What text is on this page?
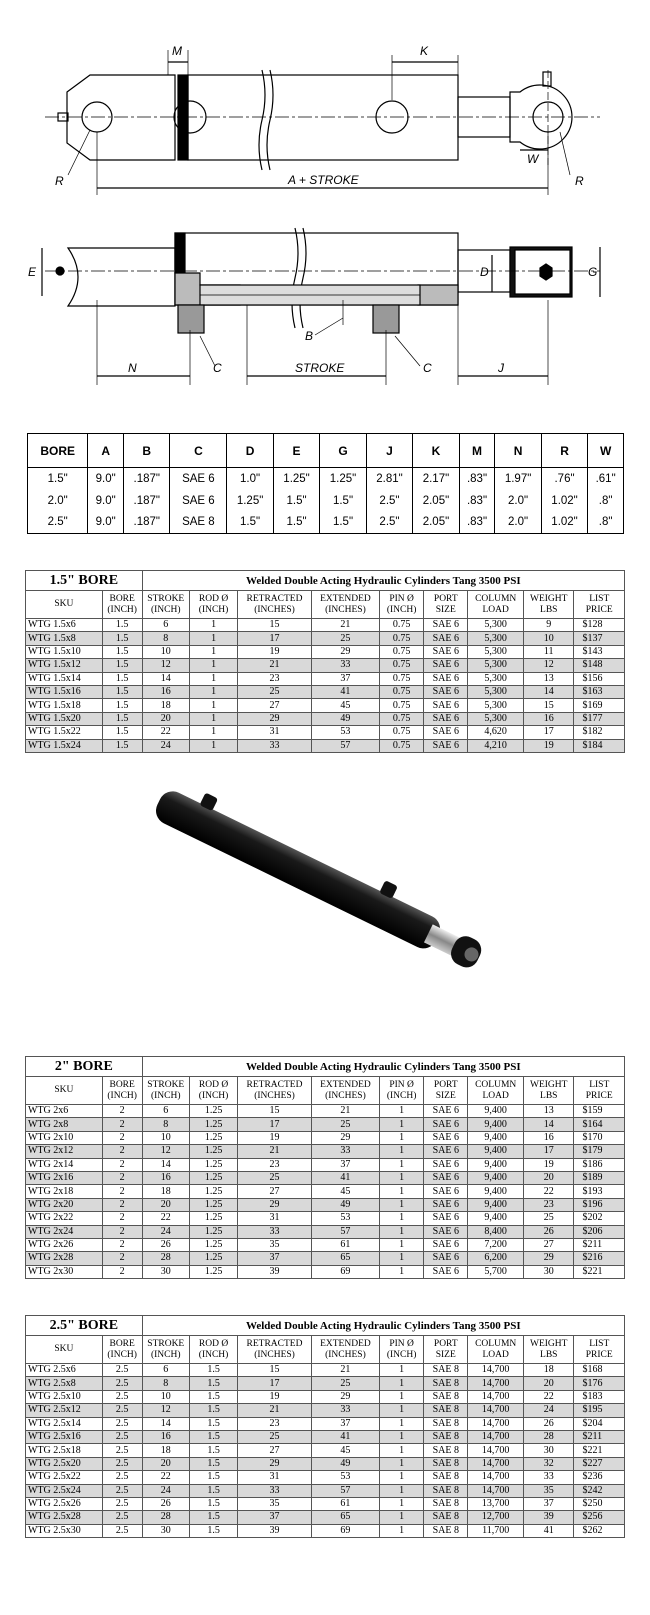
M	K
R	R
W
A + STROKE
E	D	G
B
N	C	STROKE	C	J
BORE	A	B	C	D	E	G	J	K	M	N	R	W
1.5"	9.0"	.187"	SAE 6	1.0"	1.25"	1.25"	2.81"	2.17"	.83"	1.97"	.76"	.61"
2.0"	9.0"	.187"	SAE 6	1.25"	1.5"	1.5"	2.5"	2.05"	.83"	2.0"	1.02"	.8"
2.5"	9.0"	.187"	SAE 8	1.5"	1.5"	1.5"	2.5"	2.05"	.83"	2.0"	1.02"	.8"
1.5" BORE		Welded Double Acting Hydraulic Cylinders Tang 3500 PSI								
SKU	BORE (INCH)	STROKE (INCH)	ROD Ø (INCH)	RETRACTED (INCHES)	EXTENDED (INCHES)	PIN Ø (INCH)	PORT SIZE	COLUMN LOAD	WEIGHT LBS	LIST PRICE
WTG 1.5x6	1.5	6	1	15	21	0.75	SAE 6	5,300	9	$128
WTG 1.5x8	1.5	8	1	17	25	0.75	SAE 6	5,300	10	$137
WTG 1.5x10	1.5	10	1	19	29	0.75	SAE 6	5,300	11	$143
WTG 1.5x12	1.5	12	1	21	33	0.75	SAE 6	5,300	12	$148
WTG 1.5x14	1.5	14	1	23	37	0.75	SAE 6	5,300	13	$156
WTG 1.5x16	1.5	16	1	25	41	0.75	SAE 6	5,300	14	$163
WTG 1.5x18	1.5	18	1	27	45	0.75	SAE 6	5,300	15	$169
WTG 1.5x20	1.5	20	1	29	49	0.75	SAE 6	5,300	16	$177
WTG 1.5x22	1.5	22	1	31	53	0.75	SAE 6	4,620	17	$182
WTG 1.5x24	1.5	24	1	33	57	0.75	SAE 6	4,210	19	$184
2" BORE		Welded Double Acting Hydraulic Cylinders Tang 3500 PSI								
SKU	BORE (INCH)	STROKE (INCH)	ROD Ø (INCH)	RETRACTED (INCHES)	EXTENDED (INCHES)	PIN Ø (INCH)	PORT SIZE	COLUMN LOAD	WEIGHT LBS	LIST PRICE
WTG 2x6	2	6	1.25	15	21	1	SAE 6	9,400	13	$159
WTG 2x8	2	8	1.25	17	25	1	SAE 6	9,400	14	$164
WTG 2x10	2	10	1.25	19	29	1	SAE 6	9,400	16	$170
WTG 2x12	2	12	1.25	21	33	1	SAE 6	9,400	17	$179
WTG 2x14	2	14	1.25	23	37	1	SAE 6	9,400	19	$186
WTG 2x16	2	16	1.25	25	41	1	SAE 6	9,400	20	$189
WTG 2x18	2	18	1.25	27	45	1	SAE 6	9,400	22	$193
WTG 2x20	2	20	1.25	29	49	1	SAE 6	9,400	23	$196
WTG 2x22	2	22	1.25	31	53	1	SAE 6	9,400	25	$202
WTG 2x24	2	24	1.25	33	57	1	SAE 6	8,400	26	$206
WTG 2x26	2	26	1.25	35	61	1	SAE 6	7,200	27	$211
WTG 2x28	2	28	1.25	37	65	1	SAE 6	6,200	29	$216
WTG 2x30	2	30	1.25	39	69	1	SAE 6	5,700	30	$221
2.5" BORE		Welded Double Acting Hydraulic Cylinders Tang 3500 PSI								
SKU	BORE (INCH)	STROKE (INCH)	ROD Ø (INCH)	RETRACTED (INCHES)	EXTENDED (INCHES)	PIN Ø (INCH)	PORT SIZE	COLUMN LOAD	WEIGHT LBS	LIST PRICE
WTG 2.5x6	2.5	6	1.5	15	21	1	SAE 8	14,700	18	$168
WTG 2.5x8	2.5	8	1.5	17	25	1	SAE 8	14,700	20	$176
WTG 2.5x10	2.5	10	1.5	19	29	1	SAE 8	14,700	22	$183
WTG 2.5x12	2.5	12	1.5	21	33	1	SAE 8	14,700	24	$195
WTG 2.5x14	2.5	14	1.5	23	37	1	SAE 8	14,700	26	$204
WTG 2.5x16	2.5	16	1.5	25	41	1	SAE 8	14,700	28	$211
WTG 2.5x18	2.5	18	1.5	27	45	1	SAE 8	14,700	30	$221
WTG 2.5x20	2.5	20	1.5	29	49	1	SAE 8	14,700	32	$227
WTG 2.5x22	2.5	22	1.5	31	53	1	SAE 8	14,700	33	$236
WTG 2.5x24	2.5	24	1.5	33	57	1	SAE 8	14,700	35	$242
WTG 2.5x26	2.5	26	1.5	35	61	1	SAE 8	13,700	37	$250
WTG 2.5x28	2.5	28	1.5	37	65	1	SAE 8	12,700	39	$256
WTG 2.5x30	2.5	30	1.5	39	69	1	SAE 8	11,700	41	$262
